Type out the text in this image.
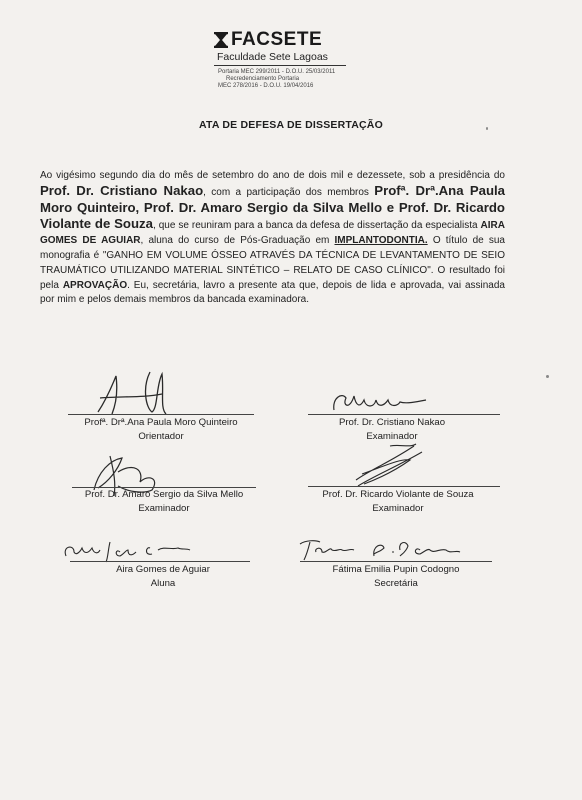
FACSETE
Faculdade Sete Lagoas
Portaria MEC 299/2011 - D.O.U. 25/03/2011
Recredenciamento Portaria
MEC 278/2016 - D.O.U. 19/04/2016
ATA DE DEFESA DE DISSERTAÇÃO
Ao vigésimo segundo dia do mês de setembro do ano de dois mil e dezessete, sob a presidência do Prof. Dr. Cristiano Nakao, com a participação dos membros Profª. Drª.Ana Paula Moro Quinteiro, Prof. Dr. Amaro Sergio da Silva Mello e Prof. Dr. Ricardo Violante de Souza, que se reuniram para a banca da defesa de dissertação da especialista AIRA GOMES DE AGUIAR, aluna do curso de Pós-Graduação em IMPLANTODONTIA. O título de sua monografia é "GANHO EM VOLUME ÓSSEO ATRAVÉS DA TÉCNICA DE LEVANTAMENTO DE SEIO TRAUMÁTICO UTILIZANDO MATERIAL SINTÉTICO – RELATO DE CASO CLÍNICO". O resultado foi pela APROVAÇÃO. Eu, secretária, lavro a presente ata que, depois de lida e aprovada, vai assinada por mim e pelos demais membros da bancada examinadora.
Profª. Drª.Ana Paula Moro Quinteiro
Orientador
Prof. Dr. Cristiano Nakao
Examinador
Prof. Dr. Amaro Sergio da Silva Mello
Examinador
Prof. Dr. Ricardo Violante de Souza
Examinador
Aira Gomes de Aguiar
Aluna
Fátima Emilia Pupin Codogno
Secretária
